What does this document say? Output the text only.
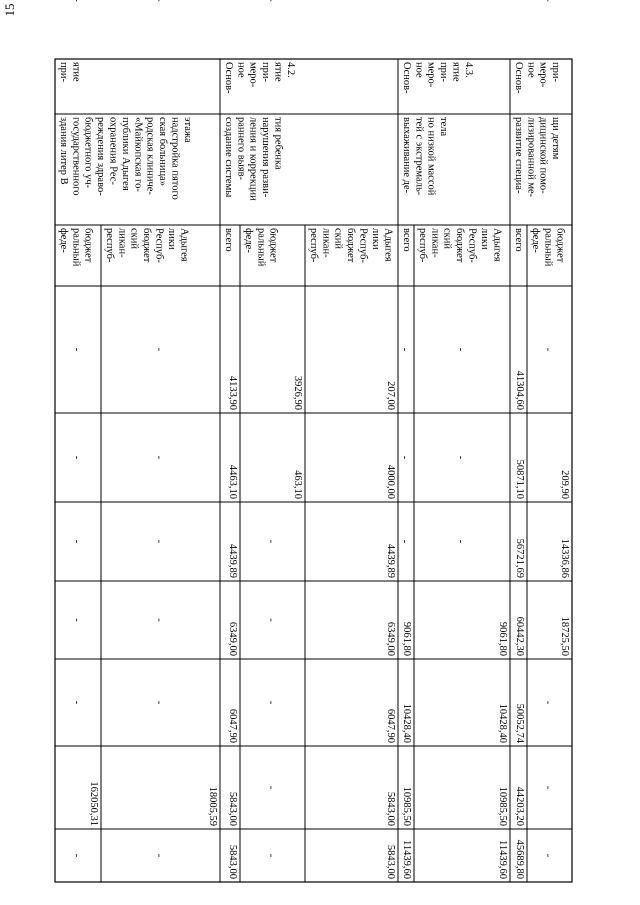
при- ятие
здания литер В государственного бюджетного уч- реждения здраво- охранения Рес- публики Адыгея «Майкопская го- родская клиниче- ская больница» надстройка пятого этажа
феде- ральный бюджет
-
-
-
-
-
162050,31
-
-
респуб- ликан- ский бюджет Респуб- лики Адыгея
-
-
-
-
-
18005,59
-
-
Основ- ное меро- при- ятие 4.2.
создание системы раннего выяв- ления и коррекции нарушения разви- тия ребенка
всего
4133,90
4463,10
4439,89
6349,00
6047,90
5843,00
5843,00
феде- ральный бюджет
3926,90
463,10
-
-
-
-
-
-
респуб- ликан- ский бюджет Респуб- лики Адыгея
207,00
4000,00
4439,89
6349,00
6047,90
5843,00
5843,00
Основ- ное меро- при- ятие 4.3.
выхаживание де- тей с экстремаль- но низкой массой тела
всего
-
-
-
9061,80
10428,40
10985,50
11439,60
респуб- ликан- ский бюджет Респуб- лики Адыгея
-
-
-
9061,80
10428,40
10985,50
11439,60
Основ- ное меро- при-
развитие специа- лизированной ме- дицинской помо- щи детям
всего
41304,60
50871,10
56721,69
60442,30
50052,74
44203,20
45689,80
феде- ральный бюджет
-
209,90
14336,86
18725,50
-
-
-
-
15
